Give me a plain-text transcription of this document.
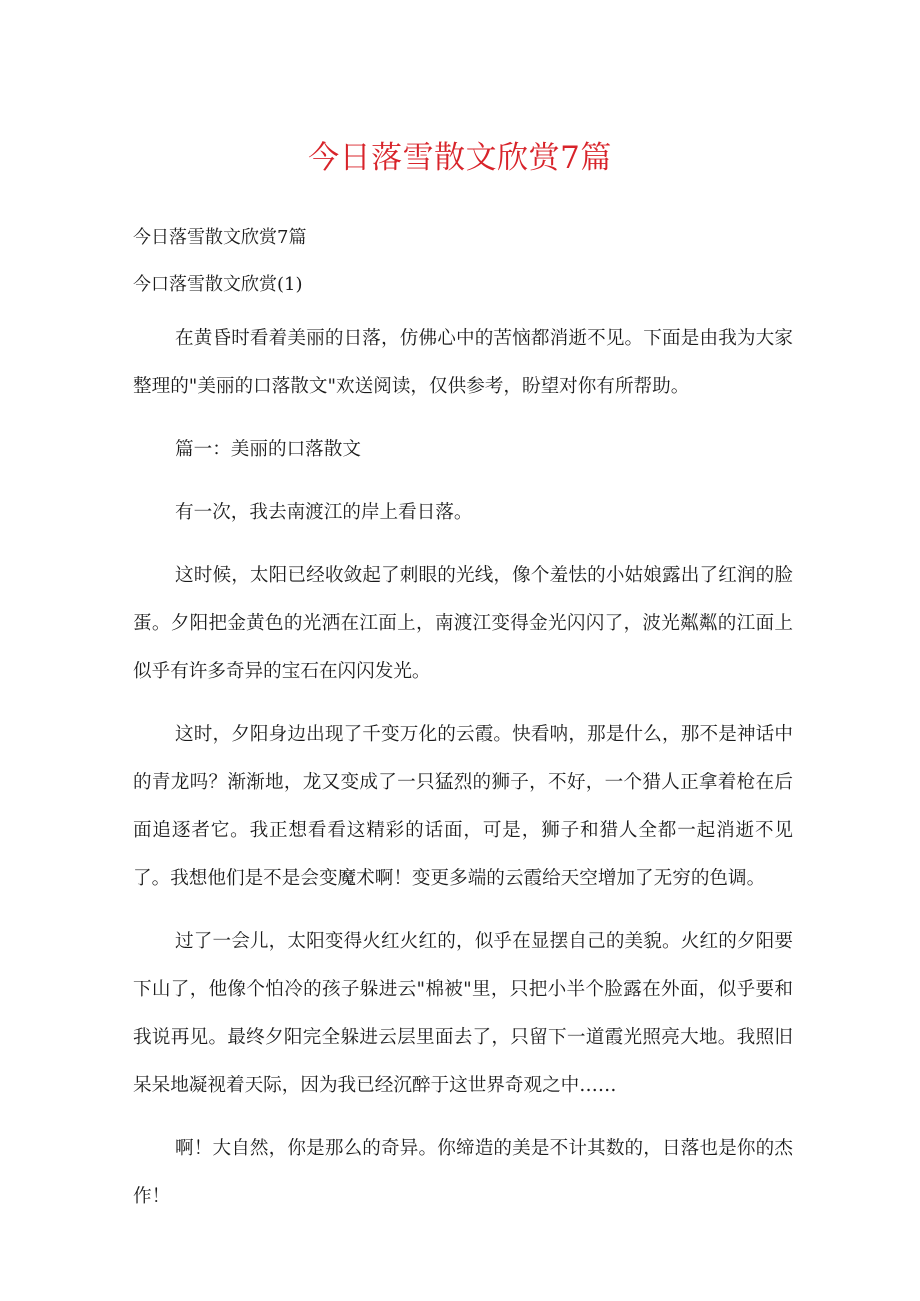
今日落雪散文欣赏7篇
今日落雪散文欣赏7篇
今口落雪散文欣赏(1)

在黄昏时看着美丽的日落，仿佛心中的苦恼都消逝不见。下面是由我为大家整理的"美丽的口落散文"欢送阅读，仅供参考，盼望对你有所帮助。

篇一：美丽的口落散文

有一次，我去南渡江的岸上看日落。

这时候，太阳已经收敛起了刺眼的光线，像个羞怯的小姑娘露出了红润的脸蛋。夕阳把金黄色的光洒在江面上，南渡江变得金光闪闪了，波光粼粼的江面上似乎有许多奇异的宝石在闪闪发光。

这时，夕阳身边出现了千变万化的云霞。快看呐，那是什么，那不是神话中的青龙吗？渐渐地，龙又变成了一只猛烈的狮子，不好，一个猎人正拿着枪在后面追逐者它。我正想看看这精彩的话面，可是，狮子和猎人全都一起消逝不见了。我想他们是不是会变魔术啊！变更多端的云霞给天空增加了无穷的色调。

过了一会儿，太阳变得火红火红的，似乎在显摆自己的美貌。火红的夕阳要下山了，他像个怕冷的孩子躲进云"棉被"里，只把小半个脸露在外面，似乎要和我说再见。最终夕阳完全躲进云层里面去了，只留下一道霞光照亮大地。我照旧呆呆地凝视着天际，因为我已经沉醉于这世界奇观之中……

啊！大自然，你是那么的奇异。你缔造的美是不计其数的，日落也是你的杰作！
